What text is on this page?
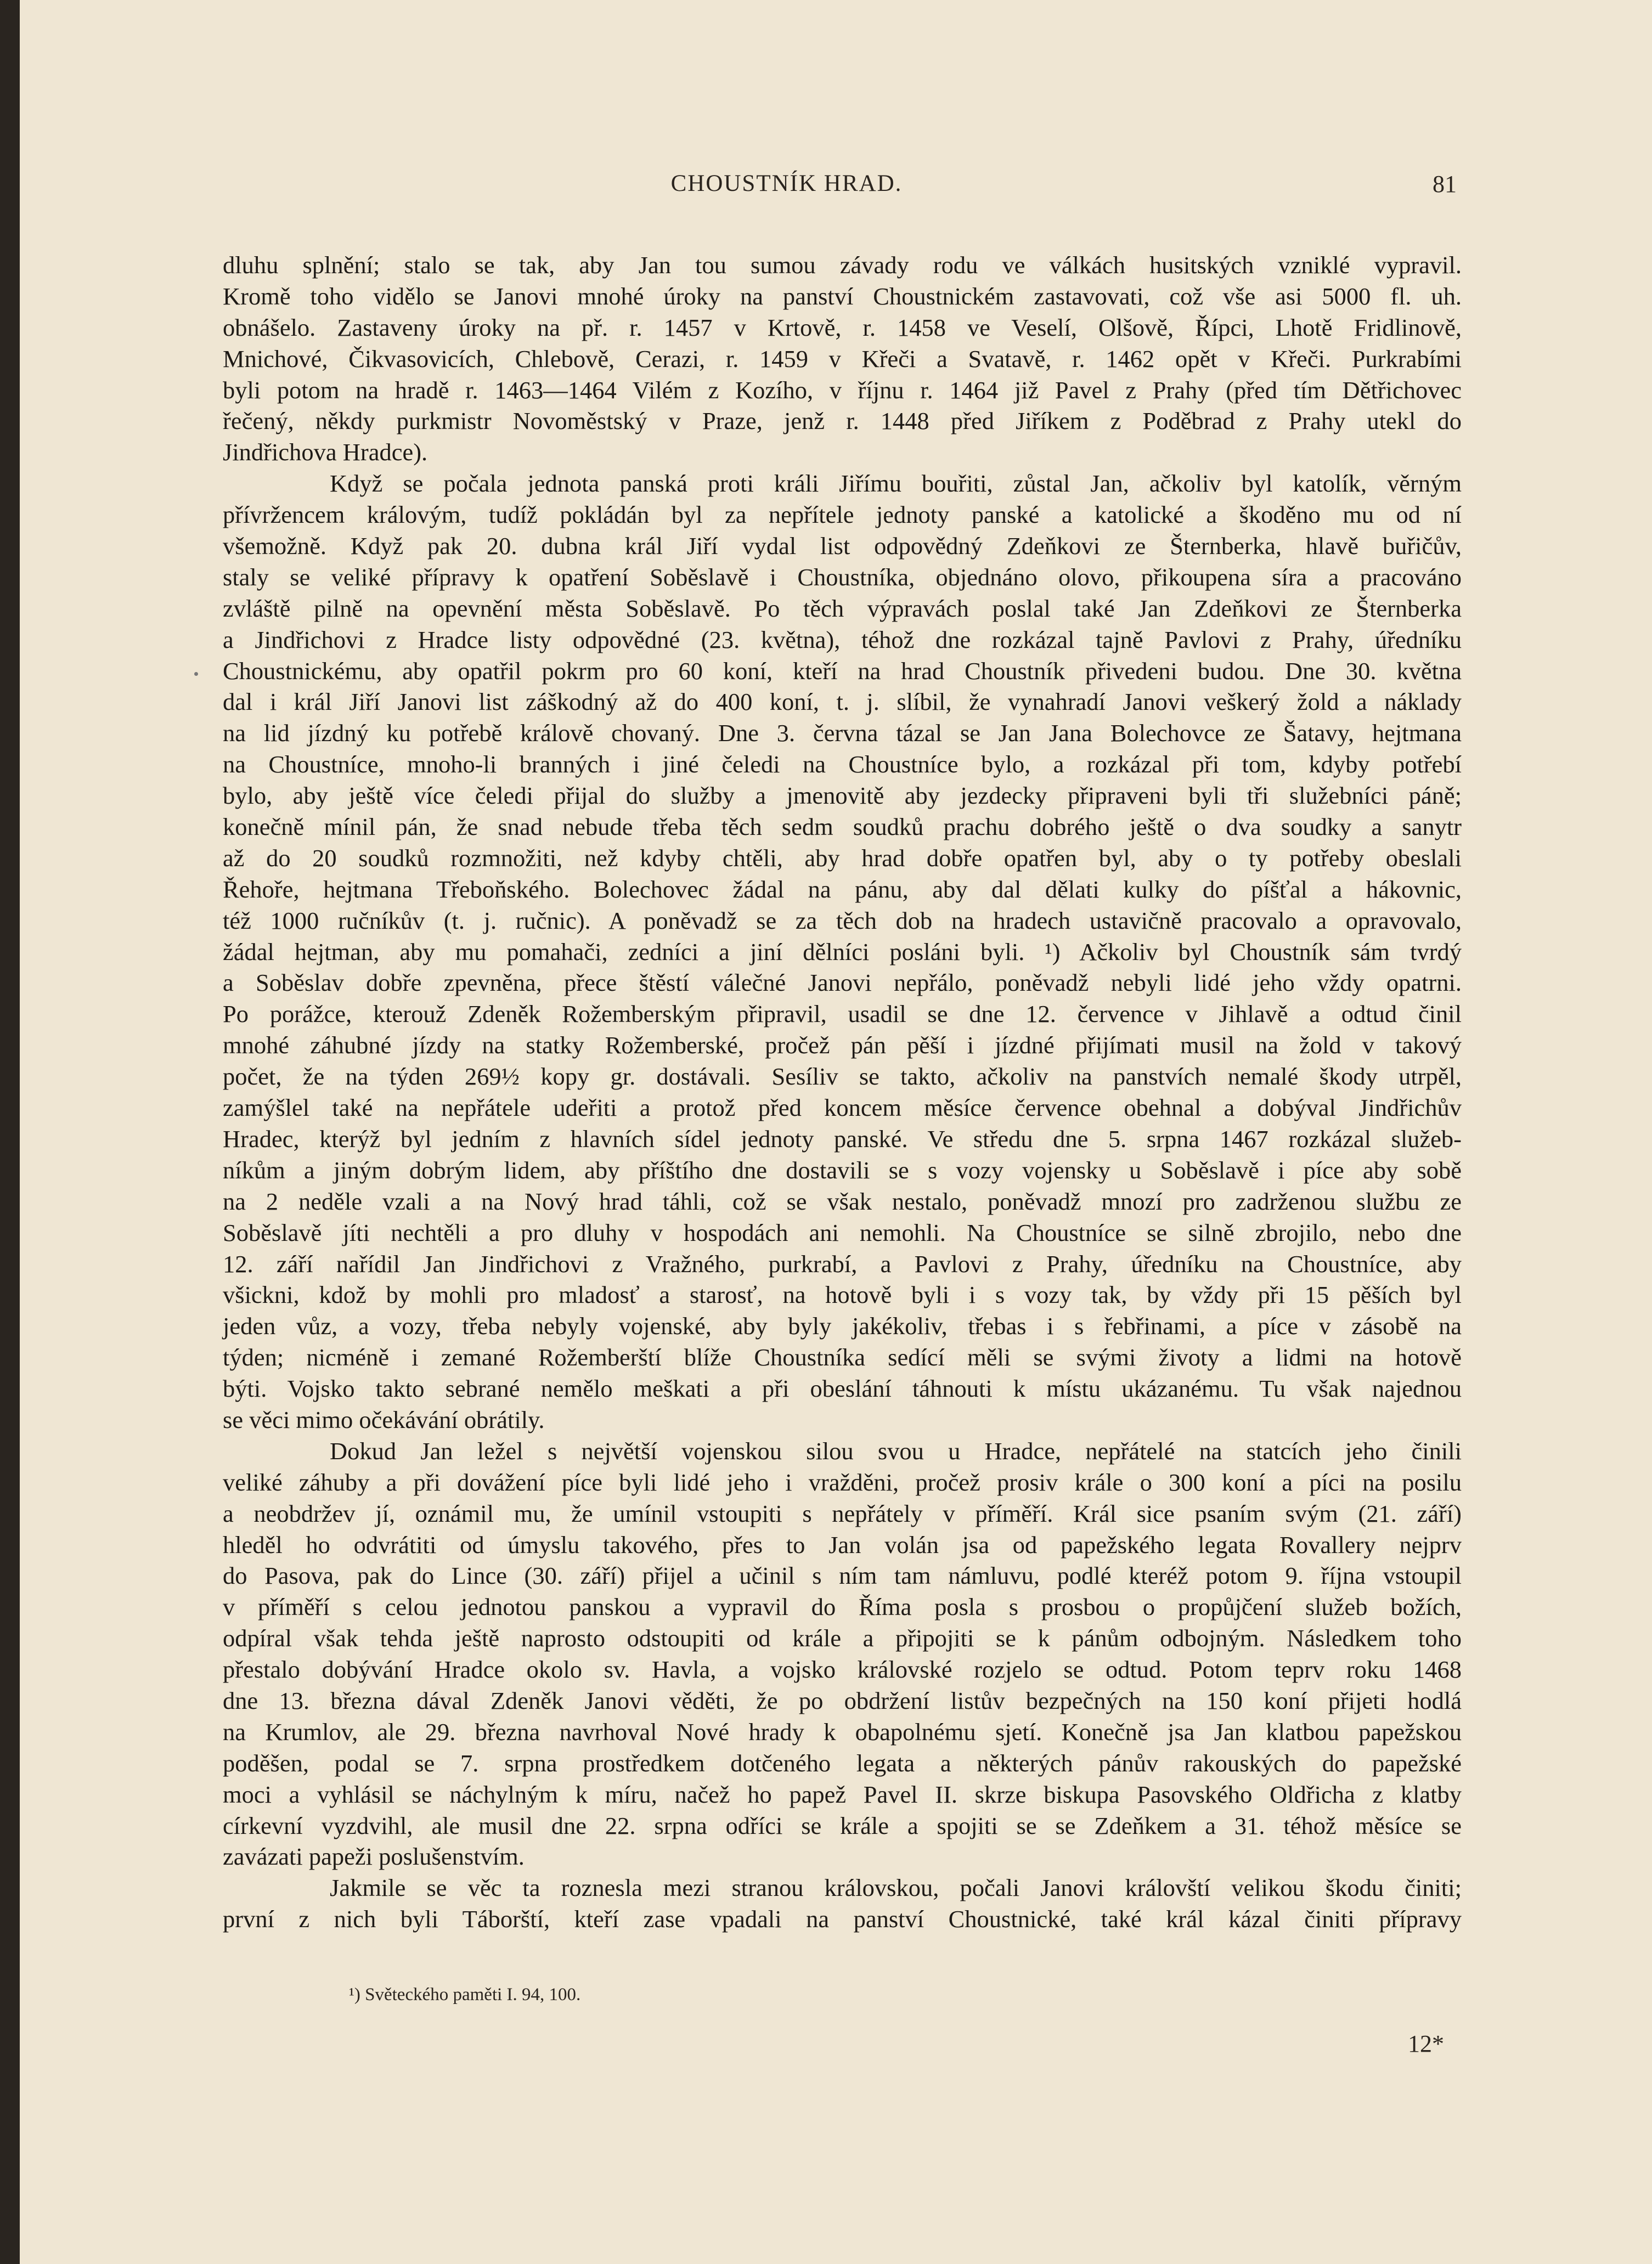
CHOUSTNÍK HRAD.	81
dluhu splnění; stalo se tak, aby Jan tou sumou závady rodu ve válkách husitských vzniklé vypravil.
Kromě toho vidělo se Janovi mnohé úroky na panství Choustnickém zastavovati, což vše asi 5000 fl. uh.
obnášelo. Zastaveny úroky na př. r. 1457 v Krtově, r. 1458 ve Veselí, Olšově, Řípci, Lhotě Fridlinově,
Mnichové, Čikvasovicích, Chlebově, Cerazi, r. 1459 v Křeči a Svatavě, r. 1462 opět v Křeči. Purkrabími
byli potom na hradě r. 1463—1464 Vilém z Kozího, v říjnu r. 1464 již Pavel z Prahy (před tím Dětřichovec
řečený, někdy purkmistr Novoměstský v Praze, jenž r. 1448 před Jiříkem z Poděbrad z Prahy utekl do
Jindřichova Hradce).
Když se počala jednota panská proti králi Jiřímu bouřiti, zůstal Jan, ačkoliv byl katolík, věrným
přívržencem královým, tudíž pokládán byl za nepřítele jednoty panské a katolické a škoděno mu od ní
všemožně. Když pak 20. dubna král Jiří vydal list odpovědný Zdeňkovi ze Šternberka, hlavě buřičův,
staly se veliké přípravy k opatření Soběslavě i Choustníka, objednáno olovo, přikoupena síra a pracováno
zvláště pilně na opevnění města Soběslavě. Po těch výpravách poslal také Jan Zdeňkovi ze Šternberka
a Jindřichovi z Hradce listy odpovědné (23. května), téhož dne rozkázal tajně Pavlovi z Prahy, úředníku
Choustnickému, aby opatřil pokrm pro 60 koní, kteří na hrad Choustník přivedeni budou. Dne 30. května
dal i král Jiří Janovi list záškodný až do 400 koní, t. j. slíbil, že vynahradí Janovi veškerý žold a náklady
na lid jízdný ku potřebě králově chovaný. Dne 3. června tázal se Jan Jana Bolechovce ze Šatavy, hejtmana
na Choustníce, mnoho-li branných i jiné čeledi na Choustníce bylo, a rozkázal při tom, kdyby potřebí
bylo, aby ještě více čeledi přijal do služby a jmenovitě aby jezdecky připraveni byli tři služebníci páně;
konečně mínil pán, že snad nebude třeba těch sedm soudků prachu dobrého ještě o dva soudky a sanytr
až do 20 soudků rozmnožiti, než kdyby chtěli, aby hrad dobře opatřen byl, aby o ty potřeby obeslali
Řehoře, hejtmana Třeboňského. Bolechovec žádal na pánu, aby dal dělati kulky do píšťal a hákovnic,
též 1000 ručníkův (t. j. ručnic). A poněvadž se za těch dob na hradech ustavičně pracovalo a opravovalo,
žádal hejtman, aby mu pomahači, zedníci a jiní dělníci posláni byli. ¹) Ačkoliv byl Choustník sám tvrdý
a Soběslav dobře zpevněna, přece štěstí válečné Janovi nepřálo, poněvadž nebyli lidé jeho vždy opatrni.
Po porážce, kterouž Zdeněk Rožemberským připravil, usadil se dne 12. července v Jihlavě a odtud činil
mnohé záhubné jízdy na statky Rožemberské, pročež pán pěší i jízdné přijímati musil na žold v takový
počet, že na týden 269½ kopy gr. dostávali. Sesíliv se takto, ačkoliv na panstvích nemalé škody utrpěl,
zamýšlel také na nepřátele udeřiti a protož před koncem měsíce července obehnal a dobýval Jindřichův
Hradec, kterýž byl jedním z hlavních sídel jednoty panské. Ve středu dne 5. srpna 1467 rozkázal služeb-
níkům a jiným dobrým lidem, aby příštího dne dostavili se s vozy vojensky u Soběslavě i píce aby sobě
na 2 neděle vzali a na Nový hrad táhli, což se však nestalo, poněvadž mnozí pro zadrženou službu ze
Soběslavě jíti nechtěli a pro dluhy v hospodách ani nemohli. Na Choustníce se silně zbrojilo, nebo dne
12. září nařídil Jan Jindřichovi z Vražného, purkrabí, a Pavlovi z Prahy, úředníku na Choustníce, aby
všickni, kdož by mohli pro mladosť a starosť, na hotově byli i s vozy tak, by vždy při 15 pěších byl
jeden vůz, a vozy, třeba nebyly vojenské, aby byly jakékoliv, třebas i s řebřinami, a píce v zásobě na
týden; nicméně i zemané Rožemberští blíže Choustníka sedící měli se svými životy a lidmi na hotově
býti. Vojsko takto sebrané nemělo meškati a při obeslání táhnouti k místu ukázanému. Tu však najednou
se věci mimo očekávání obrátily.
Dokud Jan ležel s největší vojenskou silou svou u Hradce, nepřátelé na statcích jeho činili
veliké záhuby a při dovážení píce byli lidé jeho i vražděni, pročež prosiv krále o 300 koní a píci na posilu
a neobdržev jí, oznámil mu, že umínil vstoupiti s nepřátely v příměří. Král sice psaním svým (21. září)
hleděl ho odvrátiti od úmyslu takového, přes to Jan volán jsa od papežského legata Rovallery nejprv
do Pasova, pak do Lince (30. září) přijel a učinil s ním tam námluvu, podlé kteréž potom 9. října vstoupil
v příměří s celou jednotou panskou a vypravil do Říma posla s prosbou o propůjčení služeb božích,
odpíral však tehda ještě naprosto odstoupiti od krále a připojiti se k pánům odbojným. Následkem toho
přestalo dobývání Hradce okolo sv. Havla, a vojsko královské rozjelo se odtud. Potom teprv roku 1468
dne 13. března dával Zdeněk Janovi věděti, že po obdržení listův bezpečných na 150 koní přijeti hodlá
na Krumlov, ale 29. března navrhoval Nové hrady k obapolnému sjetí. Konečně jsa Jan klatbou papežskou
poděšen, podal se 7. srpna prostředkem dotčeného legata a některých pánův rakouských do papežské
moci a vyhlásil se náchylným k míru, načež ho papež Pavel II. skrze biskupa Pasovského Oldřicha z klatby
církevní vyzdvihl, ale musil dne 22. srpna odříci se krále a spojiti se se Zdeňkem a 31. téhož měsíce se
zavázati papeži poslušenstvím.
Jakmile se věc ta roznesla mezi stranou královskou, počali Janovi královští velikou škodu činiti;
první z nich byli Táborští, kteří zase vpadali na panství Choustnické, také král kázal činiti přípravy
¹) Světeckého paměti I. 94, 100.
12*
